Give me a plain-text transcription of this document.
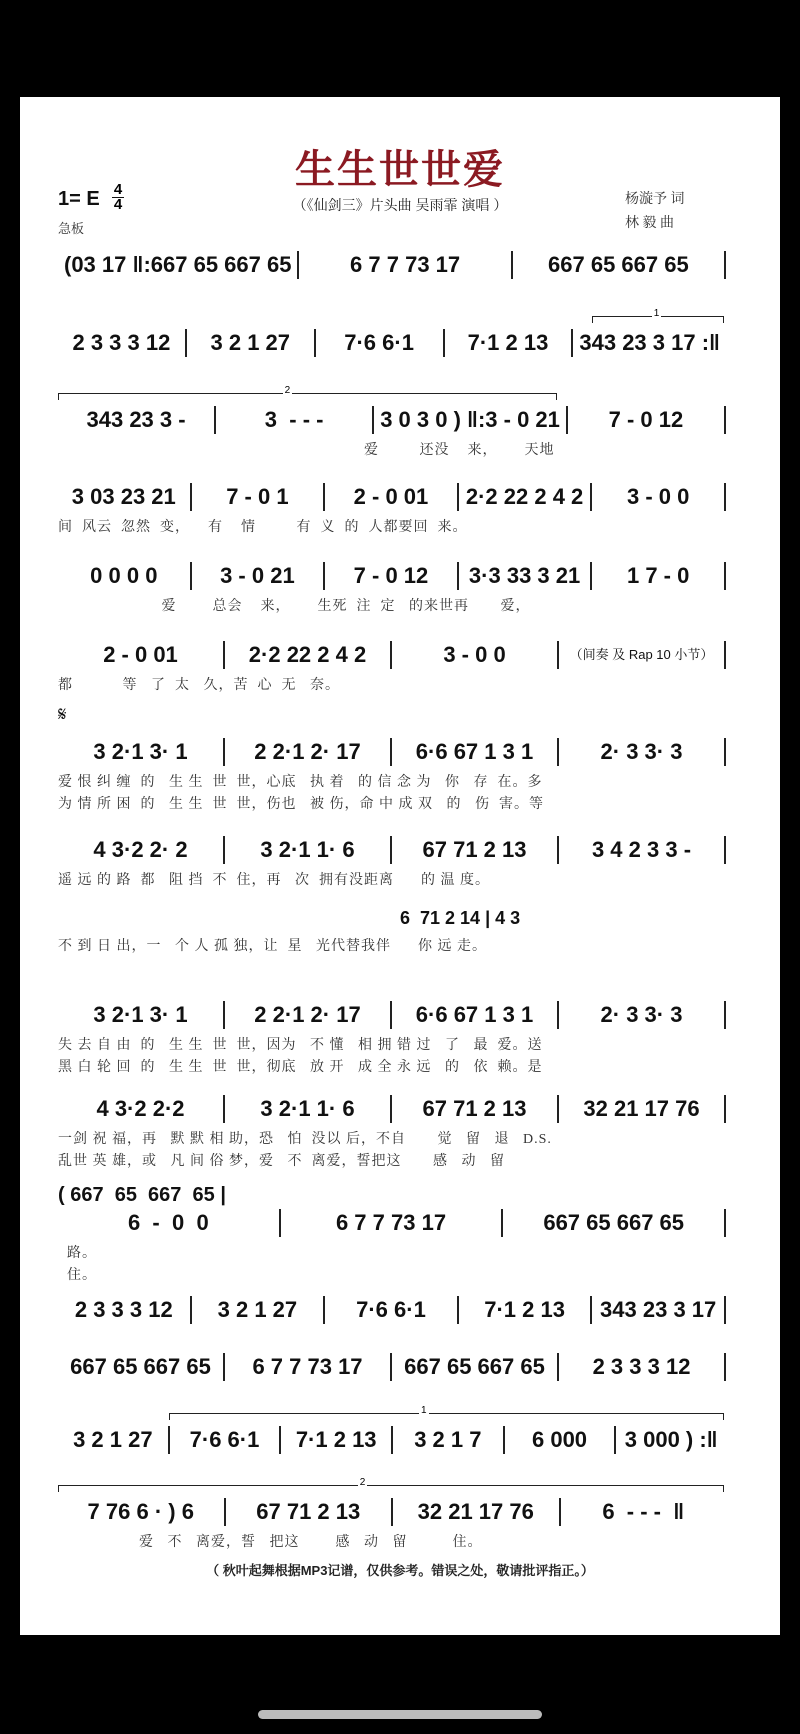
生生世世爱
1= E 4
4
急板
（《仙剑三》片头曲 吴雨霏 演唱 ）	杨漩予 词
林 毅 曲
𝄋
(03 17 ‖:667 65 667 65	6 7 7 73 17	667 65 667 65
2 3 3 3 12	3 2 1 27	7·6 6·1	7·1 2 13	343 23 3 17 :‖
1
343 23 3 -	3  - - -	3 0 3 0 ) ‖:3 - 0 21	7 - 0 12
2
爱         还没    来，      天地
3 03 23 21	7 - 0 1	2 - 0 01	2·2 22 2 4 2	3 - 0 0
间  风云  忽然  变，    有    情         有  义  的  人都要回  来。
0 0 0 0	3 - 0 21	7 - 0 12	3·3 33 3 21	1 7 - 0
爱        总会    来，      生死  注  定   的来世再       爱，
2 - 0 01	2·2 22 2 4 2	3 - 0 0	（间奏 及 Rap 10 小节）
都           等   了  太   久，苦  心  无   奈。
3 2·1 3· 1	2 2·1 2· 17	6·6 67 1 3 1	2· 3 3· 3
爱 恨 纠 缠  的   生 生  世  世，心底   执 着   的 信 念 为   你   存  在。多
为 情 所 困  的   生 生  世  世，伤也   被 伤，命 中 成 双   的   伤  害。等
4 3·2 2· 2	3 2·1 1· 6	67 71 2 13	3 4 2 3 3 -
遥 远 的 路  都   阻 挡  不  住，再   次  拥有没距离      的 温 度。
3 2·1 3· 1	2 2·1 2· 17	6·6 67 1 3 1	2· 3 3· 3
失 去 自 由  的   生 生  世  世，因为   不 懂   相 拥 错 过   了   最  爱。送
黑 白 轮 回  的   生 生  世  世，彻底   放 开   成 全 永 远   的   依  赖。是
4 3·2 2·2	3 2·1 1· 6	67 71 2 13	32 21 17 76
一剑 祝 福，再   默 默 相 助，恐   怕  没以 后，不自       觉   留   退   D.S.
乱世 英 雄，或   凡 间 俗 梦，爱   不  离爱，誓把这       感   动   留
6  -  0  0	6 7 7 73 17	667 65 667 65
路。
住。
2 3 3 3 12	3 2 1 27	7·6 6·1	7·1 2 13	343 23 3 17
667 65 667 65	6 7 7 73 17	667 65 667 65	2 3 3 3 12
3 2 1 27	7·6 6·1	7·1 2 13	3 2 1 7	6 000	3 000 ) :‖
1
7 76 6 · ) 6	67 71 2 13	32 21 17 76	6  - - -  ‖
2
爱   不   离爱，誓   把这        感   动   留          住。
6  71 2 14 | 4 3
不 到 日 出，一   个 人 孤 独，让  星   光代替我伴      你 远 走。
( 667  65  667  65 |
（ 秋叶起舞根据MP3记谱，仅供参考。错误之处，敬请批评指正。）
